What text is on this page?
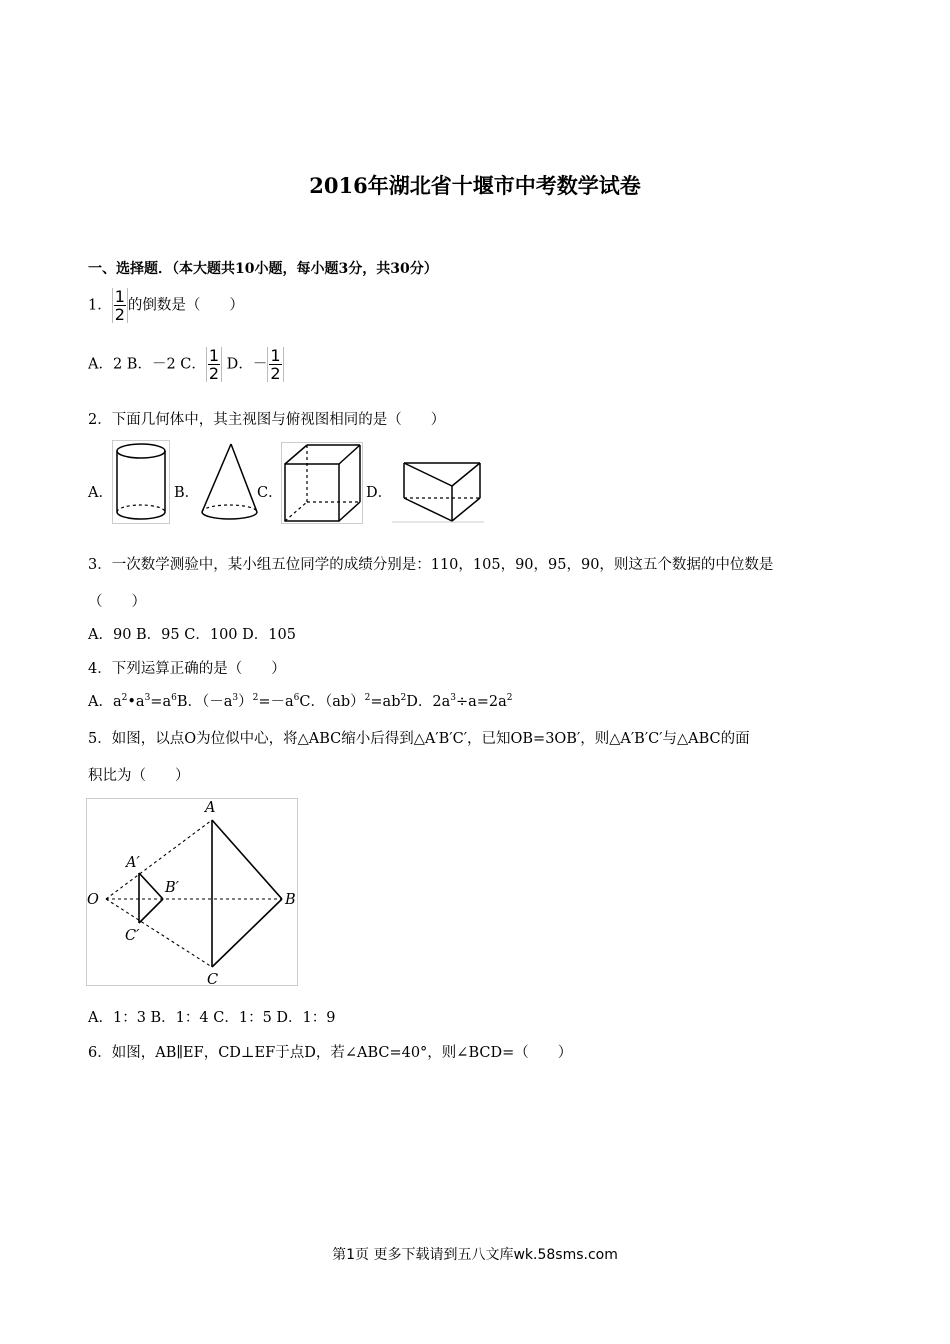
2016年湖北省十堰市中考数学试卷
一、选择题．（本大题共10小题，每小题3分，共30分）
1． $\frac{1}{2}$ 的倒数是（　　）
A．2 B．－2 C． $\frac{1}{2}$ D．－ $\frac{1}{2}$
2．下面几何体中，其主视图与俯视图相同的是（　　）
A．	B．	C．	D．
3．一次数学测验中，某小组五位同学的成绩分别是：110，105，90，95，90，则这五个数据的中位数是
（　　）
A．90 B．95 C．100 D．105
4．下列运算正确的是（　　）
A．$a^2•a^3=a^6B$．$(-a^3)^2=-a^6C$．$(ab)^2=ab^2D$．$2a^3\div a=2a^2$
5．如图，以点O为位似中心，将△ABC缩小后得到△A′B′C′，已知OB=3OB′，则△A′B′C′与△ABC的面
积比为（　　）
A
B
C
O
A′
B′
C′
A．1：3 B．1：4 C．1：5 D．1：9
6．如图，AB∥EF，CD⊥EF于点D，若∠ABC=40°，则∠BCD=（　　）
第1页 更多下载请到五八文库wk.58sms.com
